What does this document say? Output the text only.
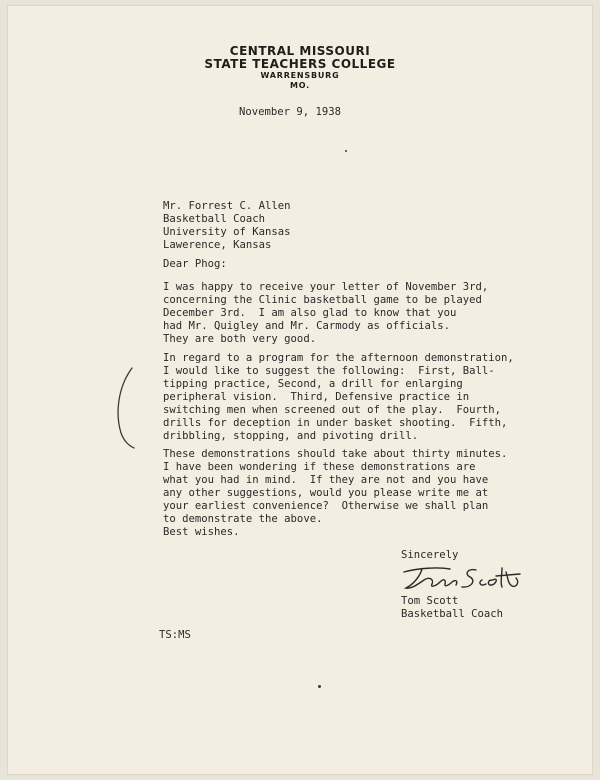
CENTRAL MISSOURI
STATE TEACHERS COLLEGE
WARRENSBURG
MO.
November 9, 1938
Mr. Forrest C. Allen
Basketball Coach
University of Kansas
Lawerence, Kansas
Dear Phog:
I was happy to receive your letter of November 3rd,
concerning the Clinic basketball game to be played
December 3rd.  I am also glad to know that you
had Mr. Quigley and Mr. Carmody as officials.
They are both very good.
In regard to a program for the afternoon demonstration,
I would like to suggest the following:  First, Ball-
tipping practice, Second, a drill for enlarging
peripheral vision.  Third, Defensive practice in
switching men when screened out of the play.  Fourth,
drills for deception in under basket shooting.  Fifth,
dribbling, stopping, and pivoting drill.
These demonstrations should take about thirty minutes.
I have been wondering if these demonstrations are
what you had in mind.  If they are not and you have
any other suggestions, would you please write me at
your earliest convenience?  Otherwise we shall plan
to demonstrate the above.
Best wishes.
Sincerely
Tom Scott
Basketball Coach
TS:MS
